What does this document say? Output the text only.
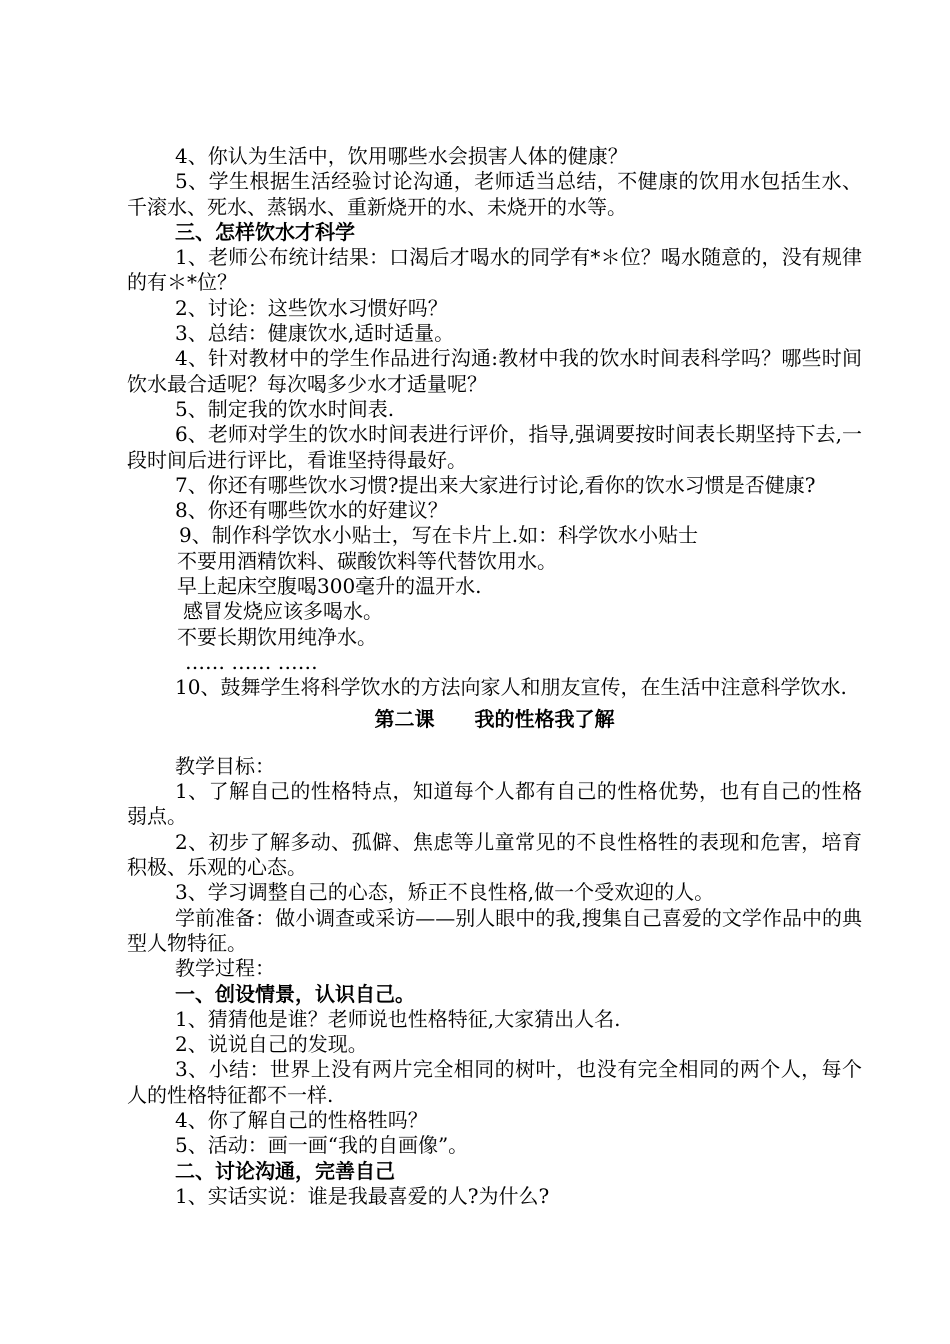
4、你认为生活中，饮用哪些水会损害人体的健康？

5、学生根据生活经验讨论沟通，老师适当总结，不健康的饮用水包括生水、千滚水、死水、蒸锅水、重新烧开的水、未烧开的水等。

三、怎样饮水才科学

1、老师公布统计结果：口渴后才喝水的同学有*＊位？喝水随意的，没有规律的有＊*位？

2、讨论：这些饮水习惯好吗？

3、总结：健康饮水,适时适量。

4、针对教材中的学生作品进行沟通:教材中我的饮水时间表科学吗？哪些时间饮水最合适呢？每次喝多少水才适量呢？

5、制定我的饮水时间表.

6、老师对学生的饮水时间表进行评价，指导,强调要按时间表长期坚持下去,一段时间后进行评比，看谁坚持得最好。

7、你还有哪些饮水习惯?提出来大家进行讨论,看你的饮水习惯是否健康?

8、你还有哪些饮水的好建议？

9、制作科学饮水小贴士，写在卡片上.如：科学饮水小贴士

不要用酒精饮料、碳酸饮料等代替饮用水。

早上起床空腹喝300毫升的温开水.

感冒发烧应该多喝水。

不要长期饮用纯净水。

…… …… ……

10、鼓舞学生将科学饮水的方法向家人和朋友宣传，在生活中注意科学饮水.

第二课　　我的性格我了解

教学目标：

1、了解自己的性格特点，知道每个人都有自己的性格优势，也有自己的性格弱点。

2、初步了解多动、孤僻、焦虑等儿童常见的不良性格牲的表现和危害，培育积极、乐观的心态。

3、学习调整自己的心态，矫正不良性格,做一个受欢迎的人。

学前准备：做小调查或采访——别人眼中的我,搜集自己喜爱的文学作品中的典型人物特征。

教学过程：

一、创设情景，认识自己。

1、猜猜他是谁？老师说也性格特征,大家猜出人名.

2、说说自己的发现。

3、小结：世界上没有两片完全相同的树叶，也没有完全相同的两个人，每个人的性格特征都不一样.

4、你了解自己的性格牲吗？

5、活动：画一画“我的自画像”。

二、讨论沟通，完善自己

1、实话实说：谁是我最喜爱的人?为什么?
